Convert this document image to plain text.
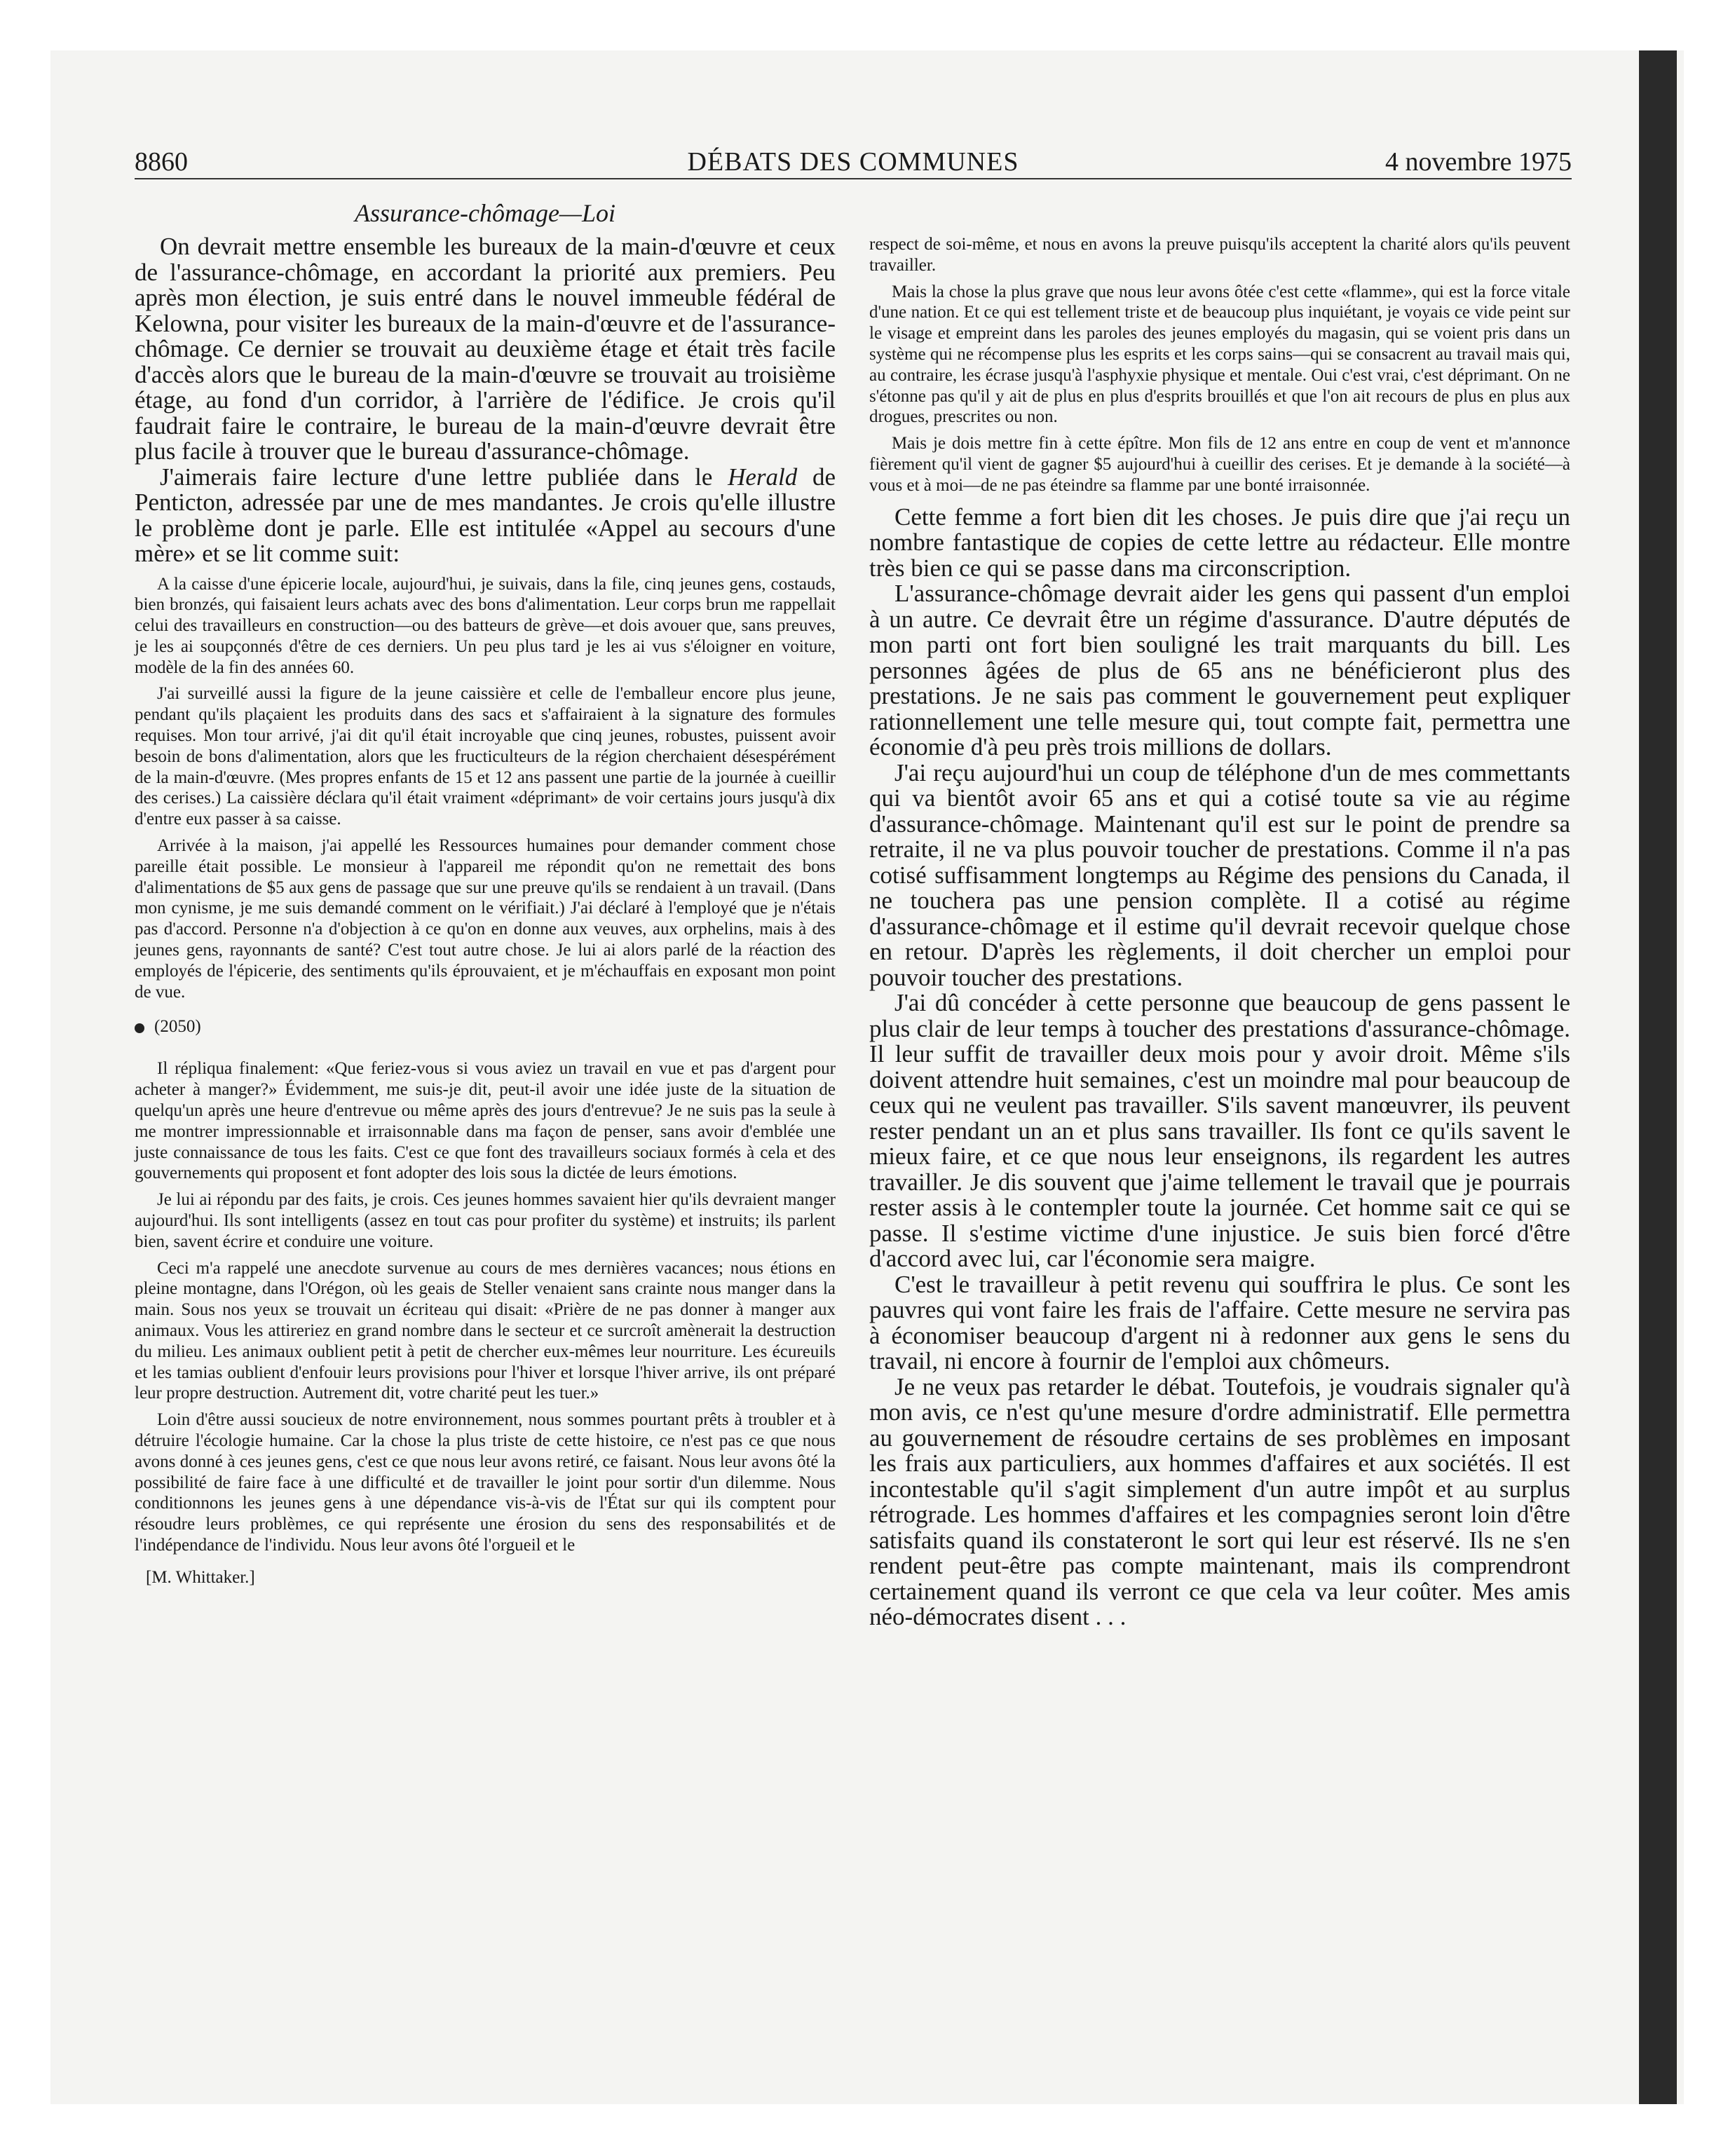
8860	DÉBATS DES COMMUNES	4 novembre 1975
Assurance-chômage—Loi

On devrait mettre ensemble les bureaux de la main-d'œuvre et ceux de l'assurance-chômage, en accordant la priorité aux premiers. Peu après mon élection, je suis entré dans le nouvel immeuble fédéral de Kelowna, pour visiter les bureaux de la main-d'œuvre et de l'assurance-chômage. Ce dernier se trouvait au deuxième étage et était très facile d'accès alors que le bureau de la main-d'œuvre se trouvait au troisième étage, au fond d'un corridor, à l'arrière de l'édifice. Je crois qu'il faudrait faire le contraire, le bureau de la main-d'œuvre devrait être plus facile à trouver que le bureau d'assurance-chômage.

J'aimerais faire lecture d'une lettre publiée dans le Herald de Penticton, adressée par une de mes mandantes. Je crois qu'elle illustre le problème dont je parle. Elle est intitulée «Appel au secours d'une mère» et se lit comme suit:

A la caisse d'une épicerie locale, aujourd'hui, je suivais, dans la file, cinq jeunes gens, costauds, bien bronzés, qui faisaient leurs achats avec des bons d'alimentation. Leur corps brun me rappellait celui des travailleurs en construction—ou des batteurs de grève—et dois avouer que, sans preuves, je les ai soupçonnés d'être de ces derniers. Un peu plus tard je les ai vus s'éloigner en voiture, modèle de la fin des années 60.

J'ai surveillé aussi la figure de la jeune caissière et celle de l'emballeur encore plus jeune, pendant qu'ils plaçaient les produits dans des sacs et s'affairaient à la signature des formules requises. Mon tour arrivé, j'ai dit qu'il était incroyable que cinq jeunes, robustes, puissent avoir besoin de bons d'alimentation, alors que les fructiculteurs de la région cherchaient désespérément de la main-d'œuvre. (Mes propres enfants de 15 et 12 ans passent une partie de la journée à cueillir des cerises.) La caissière déclara qu'il était vraiment «déprimant» de voir certains jours jusqu'à dix d'entre eux passer à sa caisse.

Arrivée à la maison, j'ai appellé les Ressources humaines pour demander comment chose pareille était possible. Le monsieur à l'appareil me répondit qu'on ne remettait des bons d'alimentations de $5 aux gens de passage que sur une preuve qu'ils se rendaient à un travail. (Dans mon cynisme, je me suis demandé comment on le vérifiait.) J'ai déclaré à l'employé que je n'étais pas d'accord. Personne n'a d'objection à ce qu'on en donne aux veuves, aux orphelins, mais à des jeunes gens, rayonnants de santé? C'est tout autre chose. Je lui ai alors parlé de la réaction des employés de l'épicerie, des sentiments qu'ils éprouvaient, et je m'échauffais en exposant mon point de vue.

(2050)

Il répliqua finalement: «Que feriez-vous si vous aviez un travail en vue et pas d'argent pour acheter à manger?» Évidemment, me suis-je dit, peut-il avoir une idée juste de la situation de quelqu'un après une heure d'entrevue ou même après des jours d'entrevue? Je ne suis pas la seule à me montrer impressionnable et irraisonnable dans ma façon de penser, sans avoir d'emblée une juste connaissance de tous les faits. C'est ce que font des travailleurs sociaux formés à cela et des gouvernements qui proposent et font adopter des lois sous la dictée de leurs émotions.

Je lui ai répondu par des faits, je crois. Ces jeunes hommes savaient hier qu'ils devraient manger aujourd'hui. Ils sont intelligents (assez en tout cas pour profiter du système) et instruits; ils parlent bien, savent écrire et conduire une voiture.

Ceci m'a rappelé une anecdote survenue au cours de mes dernières vacances; nous étions en pleine montagne, dans l'Orégon, où les geais de Steller venaient sans crainte nous manger dans la main. Sous nos yeux se trouvait un écriteau qui disait: «Prière de ne pas donner à manger aux animaux. Vous les attireriez en grand nombre dans le secteur et ce surcroît amènerait la destruction du milieu. Les animaux oublient petit à petit de chercher eux-mêmes leur nourriture. Les écureuils et les tamias oublient d'enfouir leurs provisions pour l'hiver et lorsque l'hiver arrive, ils ont préparé leur propre destruction. Autrement dit, votre charité peut les tuer.»

Loin d'être aussi soucieux de notre environnement, nous sommes pourtant prêts à troubler et à détruire l'écologie humaine. Car la chose la plus triste de cette histoire, ce n'est pas ce que nous avons donné à ces jeunes gens, c'est ce que nous leur avons retiré, ce faisant. Nous leur avons ôté la possibilité de faire face à une difficulté et de travailler le joint pour sortir d'un dilemme. Nous conditionnons les jeunes gens à une dépendance vis-à-vis de l'État sur qui ils comptent pour résoudre leurs problèmes, ce qui représente une érosion du sens des responsabilités et de l'indépendance de l'individu. Nous leur avons ôté l'orgueil et le

[M. Whittaker.]

respect de soi-même, et nous en avons la preuve puisqu'ils acceptent la charité alors qu'ils peuvent travailler.

Mais la chose la plus grave que nous leur avons ôtée c'est cette «flamme», qui est la force vitale d'une nation. Et ce qui est tellement triste et de beaucoup plus inquiétant, je voyais ce vide peint sur le visage et empreint dans les paroles des jeunes employés du magasin, qui se voient pris dans un système qui ne récompense plus les esprits et les corps sains—qui se consacrent au travail mais qui, au contraire, les écrase jusqu'à l'asphyxie physique et mentale. Oui c'est vrai, c'est déprimant. On ne s'étonne pas qu'il y ait de plus en plus d'esprits brouillés et que l'on ait recours de plus en plus aux drogues, prescrites ou non.

Mais je dois mettre fin à cette épître. Mon fils de 12 ans entre en coup de vent et m'annonce fièrement qu'il vient de gagner $5 aujourd'hui à cueillir des cerises. Et je demande à la société—à vous et à moi—de ne pas éteindre sa flamme par une bonté irraisonnée.

Cette femme a fort bien dit les choses. Je puis dire que j'ai reçu un nombre fantastique de copies de cette lettre au rédacteur. Elle montre très bien ce qui se passe dans ma circonscription.

L'assurance-chômage devrait aider les gens qui passent d'un emploi à un autre. Ce devrait être un régime d'assurance. D'autre députés de mon parti ont fort bien souligné les trait marquants du bill. Les personnes âgées de plus de 65 ans ne bénéficieront plus des prestations. Je ne sais pas comment le gouvernement peut expliquer rationnellement une telle mesure qui, tout compte fait, permettra une économie d'à peu près trois millions de dollars.

J'ai reçu aujourd'hui un coup de téléphone d'un de mes commettants qui va bientôt avoir 65 ans et qui a cotisé toute sa vie au régime d'assurance-chômage. Maintenant qu'il est sur le point de prendre sa retraite, il ne va plus pouvoir toucher de prestations. Comme il n'a pas cotisé suffisamment longtemps au Régime des pensions du Canada, il ne touchera pas une pension complète. Il a cotisé au régime d'assurance-chômage et il estime qu'il devrait recevoir quelque chose en retour. D'après les règlements, il doit chercher un emploi pour pouvoir toucher des prestations.

J'ai dû concéder à cette personne que beaucoup de gens passent le plus clair de leur temps à toucher des prestations d'assurance-chômage. Il leur suffit de travailler deux mois pour y avoir droit. Même s'ils doivent attendre huit semaines, c'est un moindre mal pour beaucoup de ceux qui ne veulent pas travailler. S'ils savent manœuvrer, ils peuvent rester pendant un an et plus sans travailler. Ils font ce qu'ils savent le mieux faire, et ce que nous leur enseignons, ils regardent les autres travailler. Je dis souvent que j'aime tellement le travail que je pourrais rester assis à le contempler toute la journée. Cet homme sait ce qui se passe. Il s'estime victime d'une injustice. Je suis bien forcé d'être d'accord avec lui, car l'économie sera maigre.

C'est le travailleur à petit revenu qui souffrira le plus. Ce sont les pauvres qui vont faire les frais de l'affaire. Cette mesure ne servira pas à économiser beaucoup d'argent ni à redonner aux gens le sens du travail, ni encore à fournir de l'emploi aux chômeurs.

Je ne veux pas retarder le débat. Toutefois, je voudrais signaler qu'à mon avis, ce n'est qu'une mesure d'ordre administratif. Elle permettra au gouvernement de résoudre certains de ses problèmes en imposant les frais aux particuliers, aux hommes d'affaires et aux sociétés. Il est incontestable qu'il s'agit simplement d'un autre impôt et au surplus rétrograde. Les hommes d'affaires et les compagnies seront loin d'être satisfaits quand ils constateront le sort qui leur est réservé. Ils ne s'en rendent peut-être pas compte maintenant, mais ils comprendront certainement quand ils verront ce que cela va leur coûter. Mes amis néo-démocrates disent . . .
